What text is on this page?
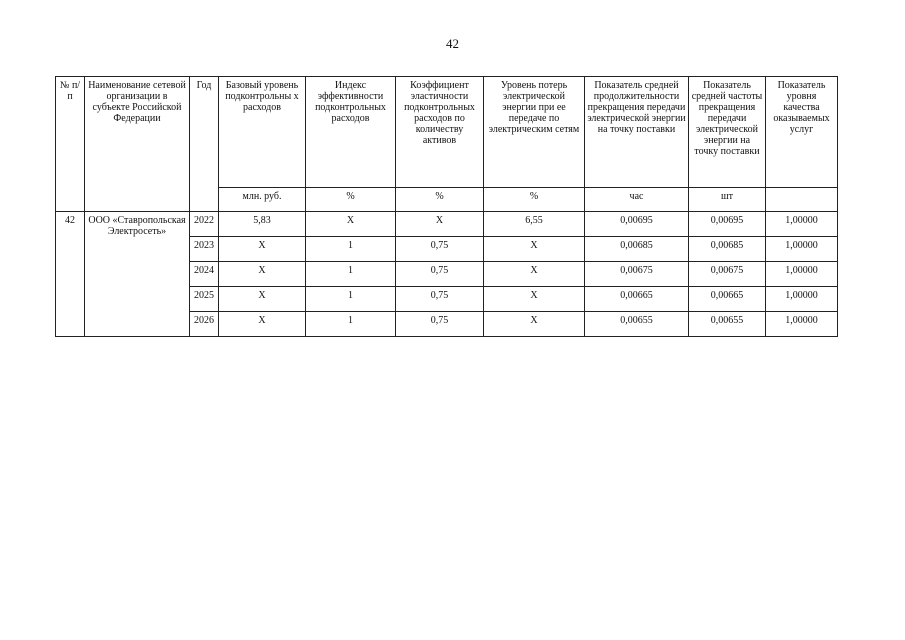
42
№ п/п	Наименование сетевой организации в субъекте Российской Федерации	Год	Базовый уровень подконтрольны х расходов	Индекс эффективности подконтрольных расходов	Коэффициент эластичности подконтрольных расходов по количеству активов	Уровень потерь электрической энергии при ее передаче по электрическим сетям	Показатель средней продолжительности прекращения передачи электрической энергии на точку поставки	Показатель средней частоты прекращения передачи электрической энергии на точку поставки	Показатель уровня качества оказываемых услуг
			млн. руб.	%	%	%	час	шт	
42	ООО «Ставропольская Электросеть»	2022	5,83	Х	Х	6,55	0,00695	0,00695	1,00000
		2023	Х	1	0,75	Х	0,00685	0,00685	1,00000
		2024	Х	1	0,75	Х	0,00675	0,00675	1,00000
		2025	Х	1	0,75	Х	0,00665	0,00665	1,00000
		2026	Х	1	0,75	Х	0,00655	0,00655	1,00000
